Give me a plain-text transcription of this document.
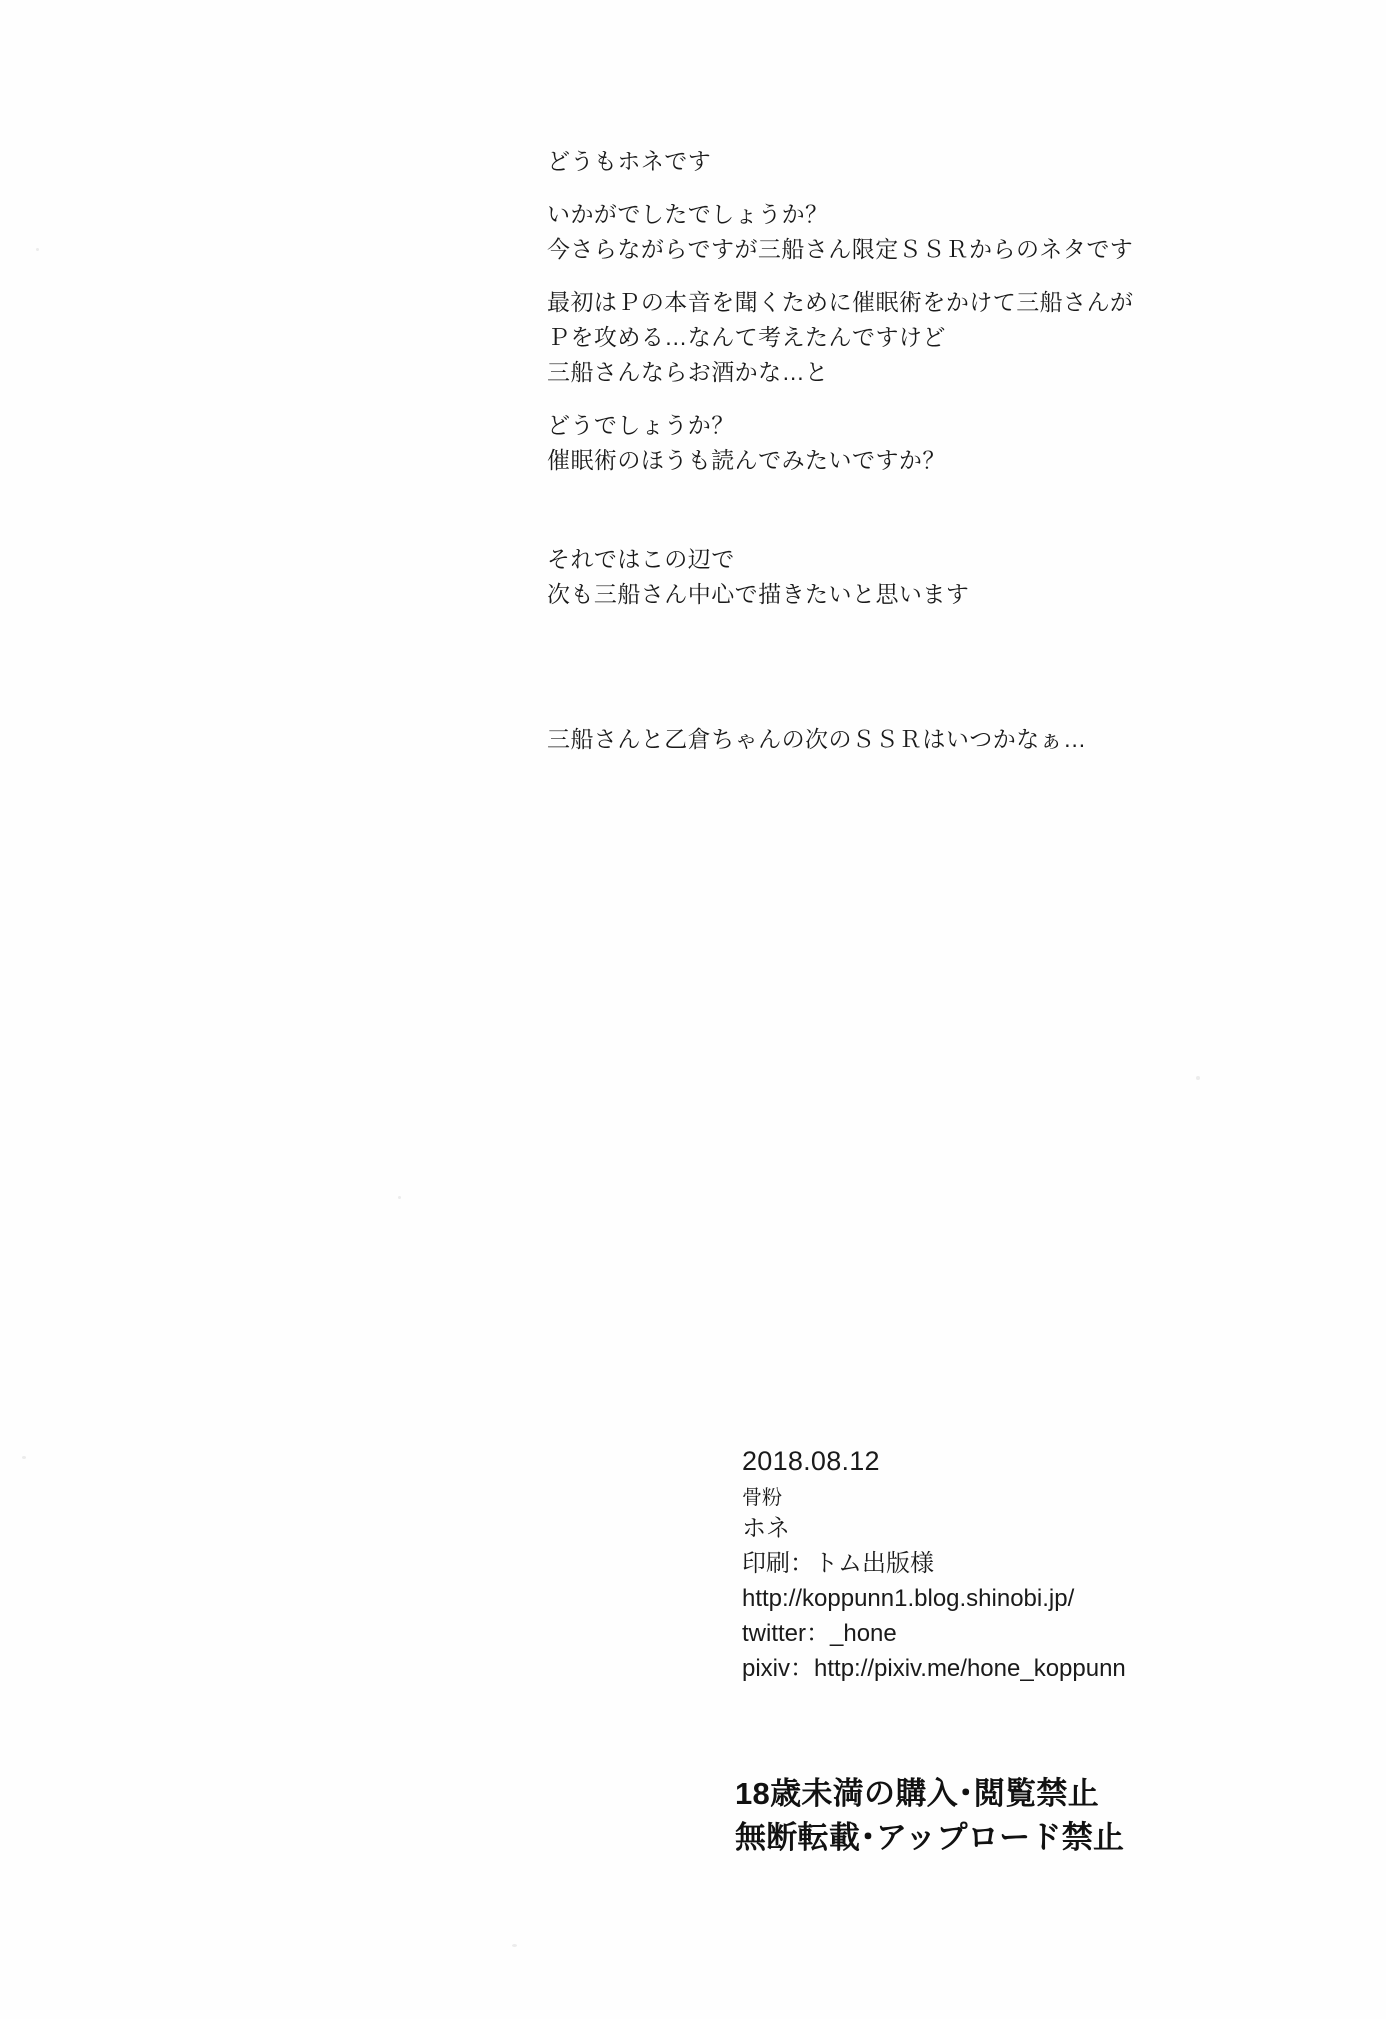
どうもホネです
いかがでしたでしょうか？
今さらながらですが三船さん限定ＳＳＲからのネタです
最初はＰの本音を聞くために催眠術をかけて三船さんが
Ｐを攻める…なんて考えたんですけど
三船さんならお酒かな…と
どうでしょうか？
催眠術のほうも読んでみたいですか？
それではこの辺で
次も三船さん中心で描きたいと思います
三船さんと乙倉ちゃんの次のＳＳＲはいつかなぁ…
2018.08.12
骨粉
ホネ
印刷：トム出版様
http://koppunn1.blog.shinobi.jp/
twitter：_hone
pixiv：http://pixiv.me/hone_koppunn
18歳未満の購入･閲覧禁止
無断転載･アップロード禁止
